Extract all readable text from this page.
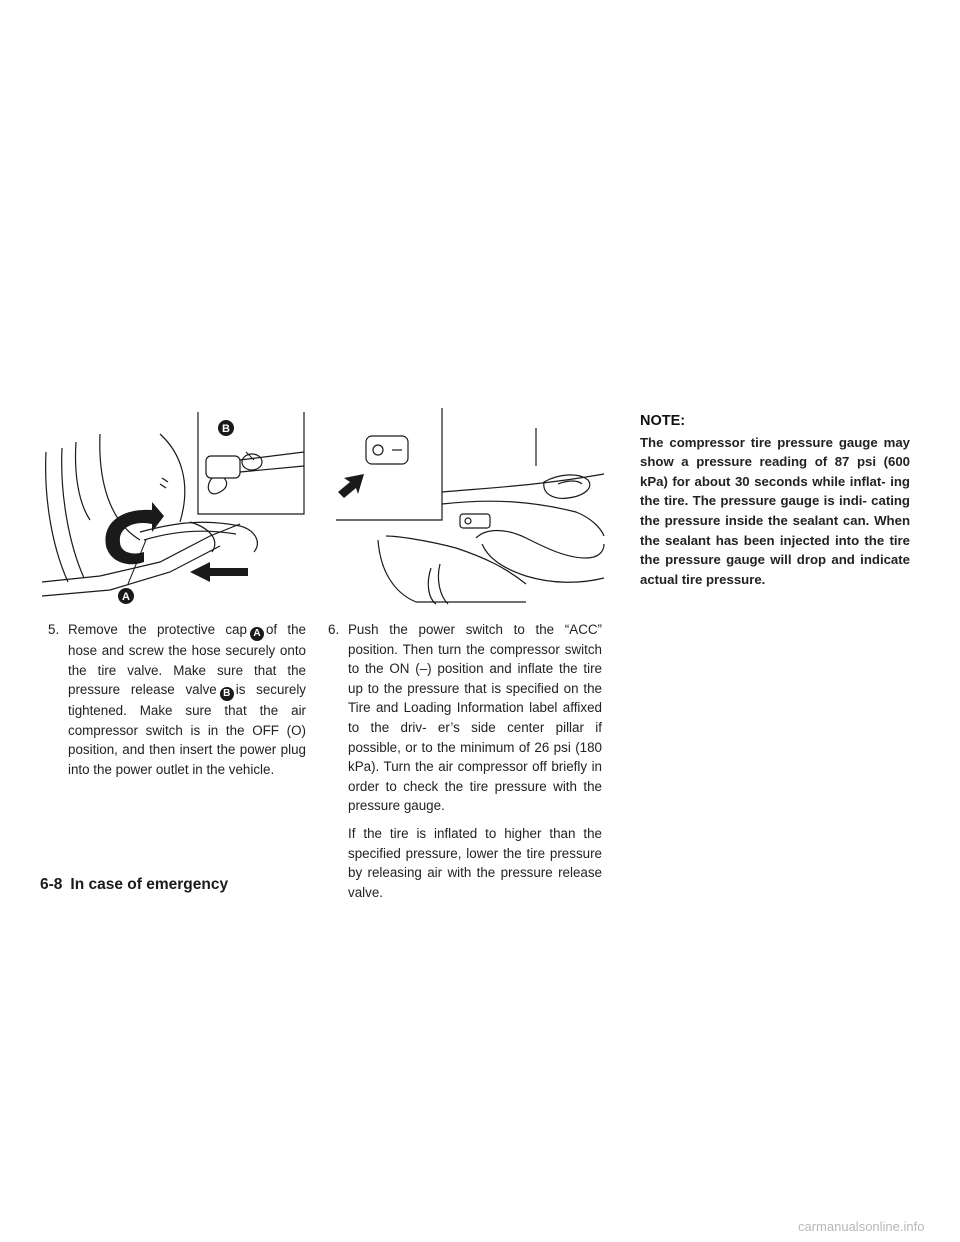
B
A
5. Remove the protective cap A of the hose and screw the hose securely onto the tire valve. Make sure that the pressure release valve B is securely tightened. Make sure that the air compressor switch is in the OFF (O) position, and then insert the power plug into the power outlet in the vehicle.
6. Push the power switch to the “ACC” position. Then turn the compressor switch to the ON (–) position and inflate the tire up to the pressure that is specified on the Tire and Loading Information label affixed to the driv- er’s side center pillar if possible, or to the minimum of 26 psi (180 kPa). Turn the air compressor off briefly in order to check the tire pressure with the pressure gauge.
If the tire is inflated to higher than the specified pressure, lower the tire pressure by releasing air with the pressure release valve.
NOTE:
The compressor tire pressure gauge may show a pressure reading of 87 psi (600 kPa) for about 30 seconds while inflat- ing the tire. The pressure gauge is indi- cating the pressure inside the sealant can. When the sealant has been injected into the tire the pressure gauge will drop and indicate actual tire pressure.
6-8 In case of emergency
carmanualsonline.info
